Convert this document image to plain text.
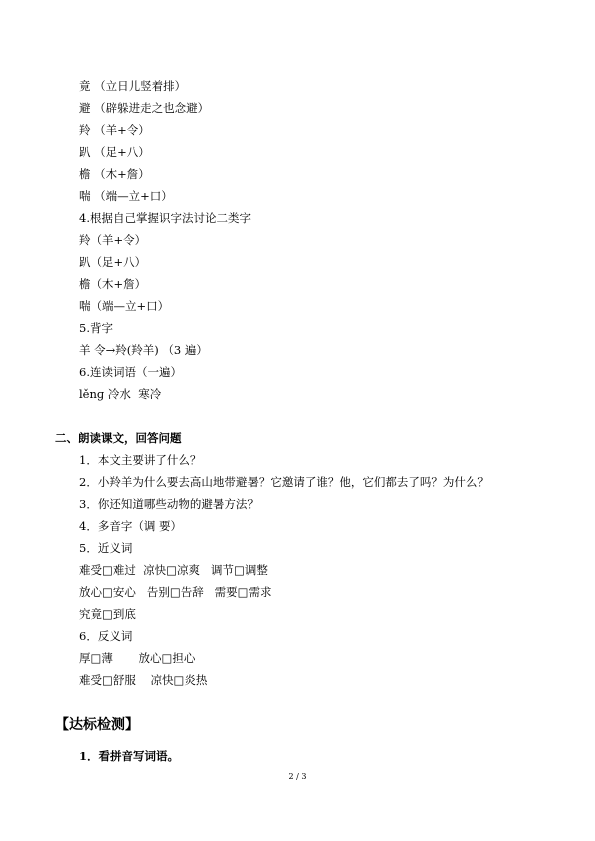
竟 （立日儿竖着排）
避 （辟躲进走之也念避）
羚 （羊+令）
趴 （足+八）
檐 （木+詹）
喘 （端—立+口）
4.根据自己掌握识字法讨论二类字
羚（羊+令）
趴（足+八）
檐（木+詹）
喘（端—立+口）
5.背字
羊 令→羚(羚羊) （3 遍）
6.连读词语（一遍）
lěnɡ 冷水  寒冷
二、朗读课文，回答问题
1．本文主要讲了什么？
2．小羚羊为什么要去高山地带避暑？它邀请了谁？他，它们都去了吗？为什么？
3．你还知道哪些动物的避暑方法？
4．多音字（调 要）
5．近义词
难受□难过  凉快□凉爽   调节□调整
放心□安心   告别□告辞   需要□需求
究竟□到底
6．反义词
厚□薄       放心□担心
难受□舒服    凉快□炎热
【达标检测】
1．看拼音写词语。
2 / 3
